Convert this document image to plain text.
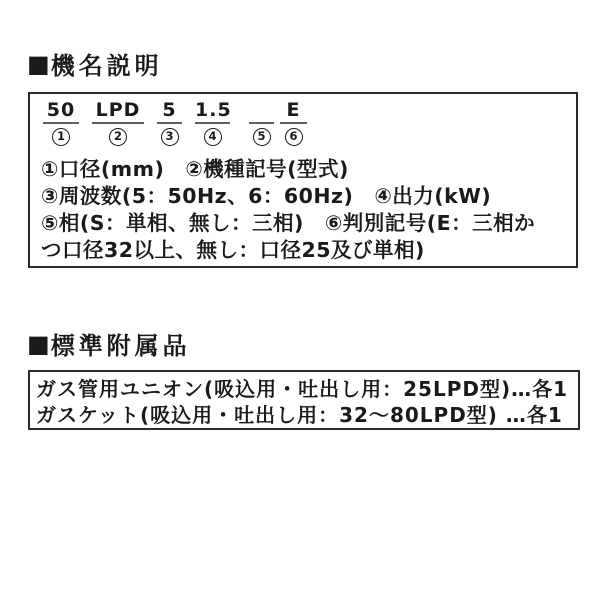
■ 機名説明
50
1
LPD
2
5
3
1.5
4
	5
E
6
①口径(mm)　②機種記号(型式)
③周波数(5：50Hz、6：60Hz)　④出力(kW)
⑤相(S：単相、無し：三相)　⑥判別記号(E：三相か
つ口径32以上、無し：口径25及び単相)
■ 標準附属品
ガス管用ユニオン(吸込用・吐出し用：25LPD型)…各1
ガスケット(吸込用・吐出し用：32～80LPD型) …各1
